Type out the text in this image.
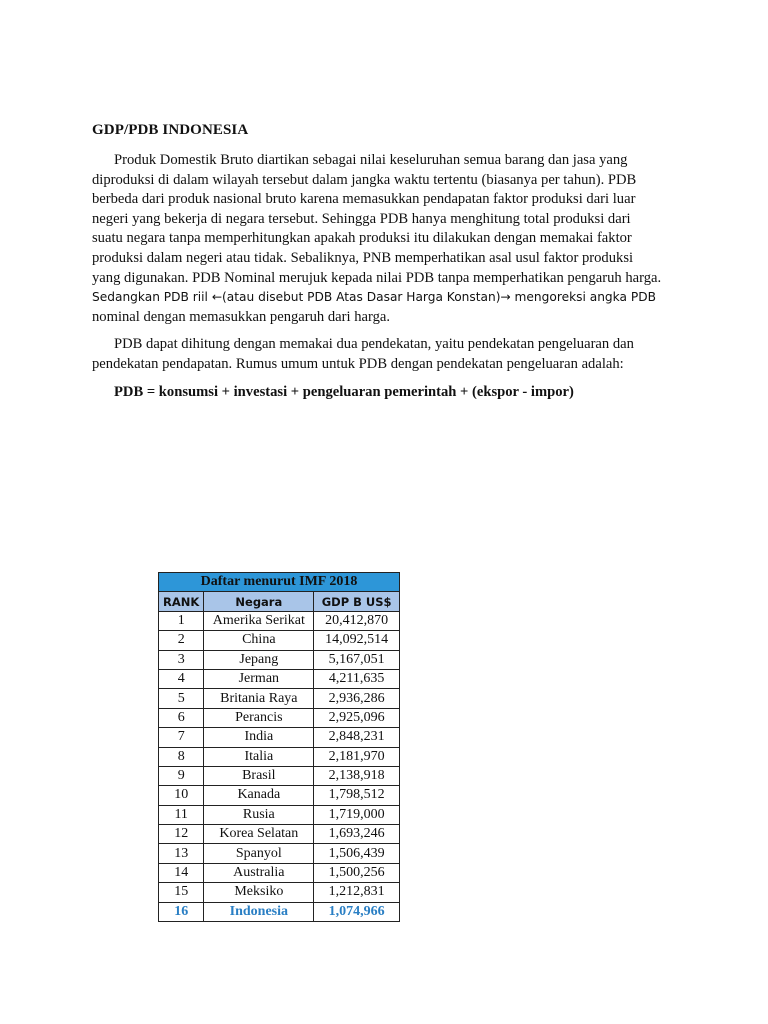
GDP/PDB INDONESIA
Produk Domestik Bruto diartikan sebagai nilai keseluruhan semua barang dan jasa yang
diproduksi di dalam wilayah tersebut dalam jangka waktu tertentu (biasanya per tahun). PDB
berbeda dari produk nasional bruto karena memasukkan pendapatan faktor produksi dari luar
negeri yang bekerja di negara tersebut. Sehingga PDB hanya menghitung total produksi dari
suatu negara tanpa memperhitungkan apakah produksi itu dilakukan dengan memakai faktor
produksi dalam negeri atau tidak. Sebaliknya, PNB memperhatikan asal usul faktor produksi
yang digunakan. PDB Nominal merujuk kepada nilai PDB tanpa memperhatikan pengaruh harga.
Sedangkan PDB riil ←(atau disebut PDB Atas Dasar Harga Konstan)→ mengoreksi angka PDB
nominal dengan memasukkan pengaruh dari harga.
PDB dapat dihitung dengan memakai dua pendekatan, yaitu pendekatan pengeluaran dan
pendekatan pendapatan. Rumus umum untuk PDB dengan pendekatan pengeluaran adalah:
PDB = konsumsi + investasi + pengeluaran pemerintah + (ekspor - impor)
Daftar menurut IMF 2018		
RANK	Negara	GDP B US$
1	Amerika Serikat	20,412,870
2	China	14,092,514
3	Jepang	5,167,051
4	Jerman	4,211,635
5	Britania Raya	2,936,286
6	Perancis	2,925,096
7	India	2,848,231
8	Italia	2,181,970
9	Brasil	2,138,918
10	Kanada	1,798,512
11	Rusia	1,719,000
12	Korea Selatan	1,693,246
13	Spanyol	1,506,439
14	Australia	1,500,256
15	Meksiko	1,212,831
16	Indonesia	1,074,966
